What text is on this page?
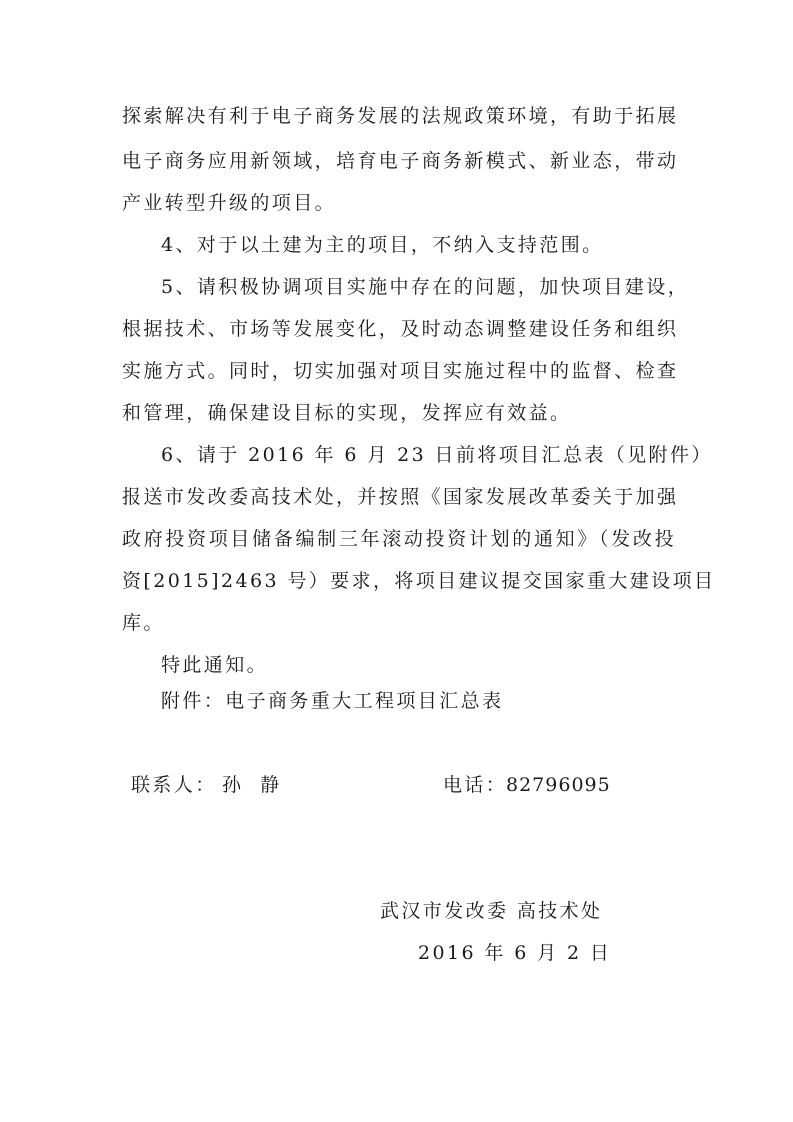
探索解决有利于电子商务发展的法规政策环境，有助于拓展
电子商务应用新领域，培育电子商务新模式、新业态，带动
产业转型升级的项目。
4、对于以土建为主的项目，不纳入支持范围。
5、请积极协调项目实施中存在的问题，加快项目建设，
根据技术、市场等发展变化，及时动态调整建设任务和组织
实施方式。同时，切实加强对项目实施过程中的监督、检查
和管理，确保建设目标的实现，发挥应有效益。
6、请于 2016 年 6 月 23 日前将项目汇总表（见附件）
报送市发改委高技术处，并按照《国家发展改革委关于加强
政府投资项目储备编制三年滚动投资计划的通知》（发改投
资[2015]2463 号）要求，将项目建议提交国家重大建设项目
库。
特此通知。
附件：电子商务重大工程项目汇总表
联系人： 孙  静	电话：
82796095
武汉市发改委 高技术处
2016 年 6 月 2 日
